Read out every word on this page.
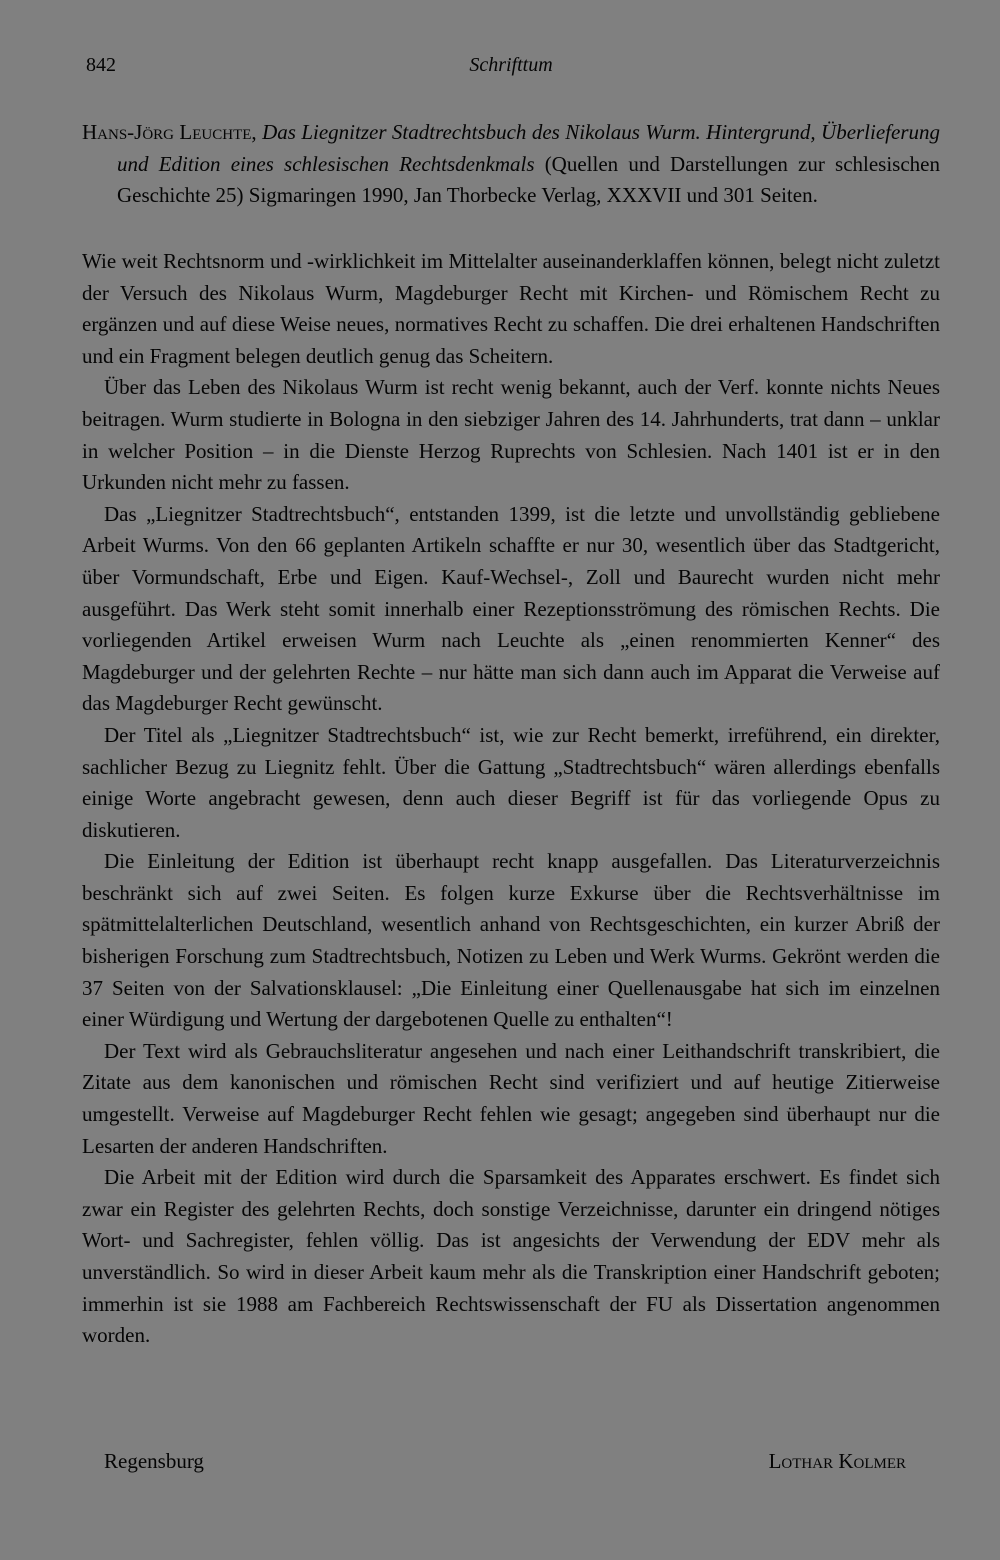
842	Schrifttum
Hans-Jörg Leuchte, Das Liegnitzer Stadtrechtsbuch des Nikolaus Wurm. Hintergrund, Überlieferung und Edition eines schlesischen Rechtsdenkmals (Quellen und Darstellungen zur schlesischen Geschichte 25) Sigmaringen 1990, Jan Thorbecke Verlag, XXXVII und 301 Seiten.

Wie weit Rechtsnorm und -wirklichkeit im Mittelalter auseinanderklaffen können, belegt nicht zuletzt der Versuch des Nikolaus Wurm, Magdeburger Recht mit Kirchen- und Römischem Recht zu ergänzen und auf diese Weise neues, normatives Recht zu schaffen. Die drei erhaltenen Handschriften und ein Fragment belegen deutlich genug das Scheitern.

Über das Leben des Nikolaus Wurm ist recht wenig bekannt, auch der Verf. konnte nichts Neues beitragen. Wurm studierte in Bologna in den siebziger Jahren des 14. Jahrhunderts, trat dann – unklar in welcher Position – in die Dienste Herzog Ruprechts von Schlesien. Nach 1401 ist er in den Urkunden nicht mehr zu fassen.

Das „Liegnitzer Stadtrechtsbuch“, entstanden 1399, ist die letzte und unvollständig gebliebene Arbeit Wurms. Von den 66 geplanten Artikeln schaffte er nur 30, wesentlich über das Stadtgericht, über Vormundschaft, Erbe und Eigen. Kauf-Wechsel-, Zoll und Baurecht wurden nicht mehr ausgeführt. Das Werk steht somit innerhalb einer Rezeptionsströmung des römischen Rechts. Die vorliegenden Artikel erweisen Wurm nach Leuchte als „einen renommierten Kenner“ des Magdeburger und der gelehrten Rechte – nur hätte man sich dann auch im Apparat die Verweise auf das Magdeburger Recht gewünscht.

Der Titel als „Liegnitzer Stadtrechtsbuch“ ist, wie zur Recht bemerkt, irreführend, ein direkter, sachlicher Bezug zu Liegnitz fehlt. Über die Gattung „Stadtrechtsbuch“ wären allerdings ebenfalls einige Worte angebracht gewesen, denn auch dieser Begriff ist für das vorliegende Opus zu diskutieren.

Die Einleitung der Edition ist überhaupt recht knapp ausgefallen. Das Literaturverzeichnis beschränkt sich auf zwei Seiten. Es folgen kurze Exkurse über die Rechtsverhältnisse im spätmittelalterlichen Deutschland, wesentlich anhand von Rechtsgeschichten, ein kurzer Abriß der bisherigen Forschung zum Stadtrechtsbuch, Notizen zu Leben und Werk Wurms. Gekrönt werden die 37 Seiten von der Salvationsklausel: „Die Einleitung einer Quellenausgabe hat sich im einzelnen einer Würdigung und Wertung der dargebotenen Quelle zu enthalten“!

Der Text wird als Gebrauchsliteratur angesehen und nach einer Leithandschrift transkribiert, die Zitate aus dem kanonischen und römischen Recht sind verifiziert und auf heutige Zitierweise umgestellt. Verweise auf Magdeburger Recht fehlen wie gesagt; angegeben sind überhaupt nur die Lesarten der anderen Handschriften.

Die Arbeit mit der Edition wird durch die Sparsamkeit des Apparates erschwert. Es findet sich zwar ein Register des gelehrten Rechts, doch sonstige Verzeichnisse, darunter ein dringend nötiges Wort- und Sachregister, fehlen völlig. Das ist angesichts der Verwendung der EDV mehr als unverständlich. So wird in dieser Arbeit kaum mehr als die Transkription einer Handschrift geboten; immerhin ist sie 1988 am Fachbereich Rechtswissenschaft der FU als Dissertation angenommen worden.

Regensburg	Lothar Kolmer
